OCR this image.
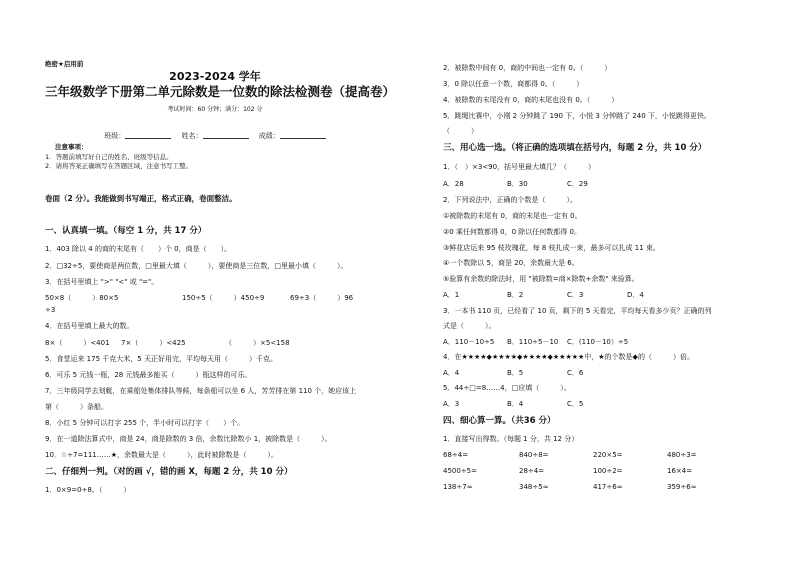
绝密★启用前
2023-2024 学年
三年级数学下册第二单元除数是一位数的除法检测卷（提高卷）
考试时间：60 分钟；满分：102 分
班级：	姓名：	成绩：
注意事项：
1．答题前填写好自己的姓名、班级等信息。
2．请将答案正确填写在答题区域，注意书写工整。
卷面（2 分）。我能做到书写端正，格式正确，卷面整洁。
一、认真填一填。（每空 1 分，共 17 分）
1．403 除以 4 的商的末尾有（　　）个 0，商是（　　）。
2．□32÷5，要使商是两位数，□里最大填（　　　），要使商是三位数，□里最小填（　　　）。
3．在括号里填上 ">" "<" 或 "="。
50×8（　　　）80×5	150÷5（　　　）450÷9	69÷3（　　　）96
÷3
4．在括号里填上最大的数。
8×（　　　）<401 7×（　　　）<425	（　　　）×5<158
5．食堂运来 175 千克大米，5 天正好用完，平均每天用（　　　）千克。
6．可乐 5 元钱一瓶，28 元钱最多能买（　　　）瓶这样的可乐。
7．三年级同学去划艇，在乘船处集体排队等候，每条船可以坐 6 人，芳芳排在第 110 个，她应该上
第（　　　）条船。
8．小红 5 分钟可以打字 255 个，半小时可以打字（　　）个。
9．在一道除法算式中，商是 24，商是除数的 3 倍，余数比除数小 1，被除数是（　　　）。
10．☆÷7=111……★，余数最大是（　　　），此时被除数是（　　　）。
二、仔细判一判。（对的画 √，错的画 X，每题 2 分，共 10 分）
1．0×9=0÷8。（　　　）
2．被除数中间有 0，商的中间也一定有 0。（　　　）
3．0 除以任意一个数，商都得 0。（　　　）
4．被除数的末尾没有 0，商的末尾也没有 0。（　　　）
5．跳绳比赛中，小刚 2 分钟跳了 190 下，小悦 3 分钟跳了 240 下，小悦跳得更快。
（　　　）
三、用心选一选。（将正确的选项填在括号内，每题 2 分，共 10 分）
1．（　）×3<90，括号里最大填几？（　　　）
A．28	B．30	C．29
2．下列说法中，正确的个数是（　　　）。
①被除数的末尾有 0，商的末尾也一定有 0。
②0 乘任何数都得 0，0 除以任何数都得 0。
③鲜花店运来 95 枝玫瑰花，每 8 枝扎成一束，最多可以扎成 11 束。
④一个数除以 5，商是 20，余数最大是 6。
⑤验算有余数的除法时，用 "被除数=商×除数+余数" 来验算。
A．1	B．2	C．3	D．4
3．一本书 110 页，已经看了 10 页，剩下的 5 天看完，平均每天看多少页？正确的列
式是（　　　）。
A．110－10÷5 B．110÷5－10 C．(110－10）÷5
4．在★★★★◆★★★★◆★★★★◆★★★★★中，★的个数是◆的（　　　）倍。
A．4	B．5	C．6
5．44÷□=8……4，□应填（　　　）。
A．3	B．4	C．5
四、细心算一算。（共36 分）
1．直接写出得数。（每题 1 分，共 12 分）
68÷4=	840÷8=	220×5=	480÷3=
4500÷5=	28÷4=	100÷2=	16×4=
138÷7≈	348÷5≈	417÷6≈	359÷6≈
